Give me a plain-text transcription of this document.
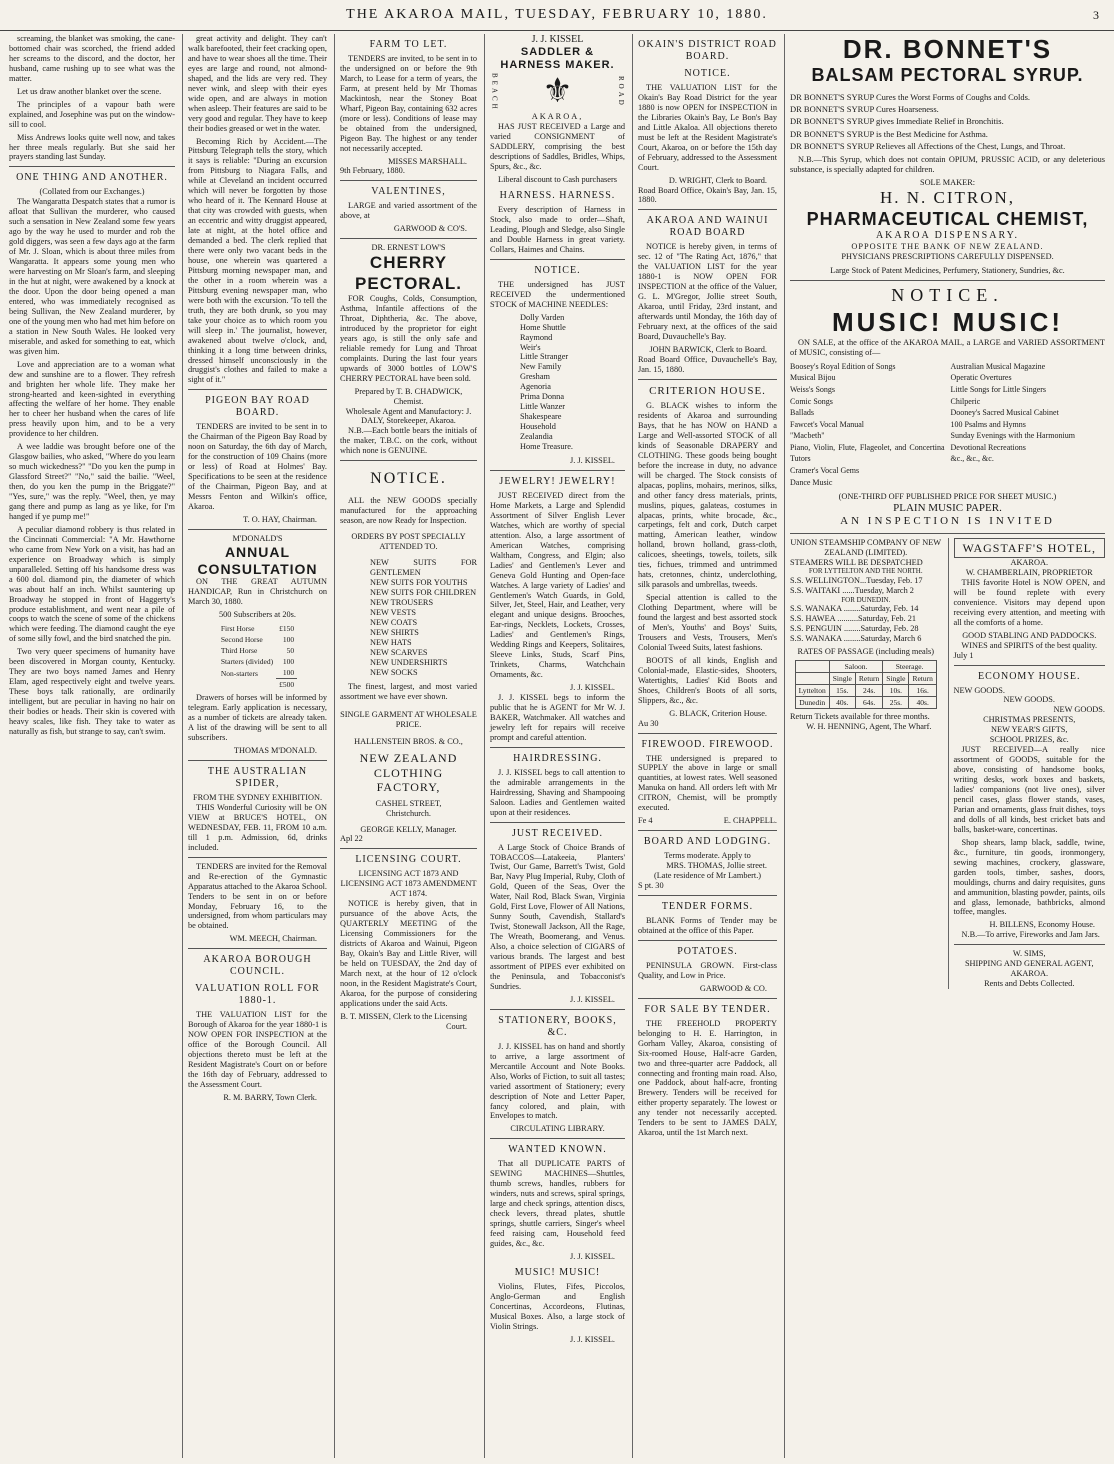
THE AKAROA MAIL, TUESDAY, FEBRUARY 10, 1880.	3

screaming, the blanket was smoking, the cane-bottomed chair was scorched, the friend added her screams to the discord, and the doctor, her husband, came rushing up to see what was the matter.

Let us draw another blanket over the scene.

The principles of a vapour bath were explained, and Josephine was put on the window-sill to cool.

Miss Andrews looks quite well now, and takes her three meals regularly. But she said her prayers standing last Sunday.

ONE THING AND ANOTHER.
(Collated from our Exchanges.)

The Wangaratta Despatch states that a rumor is afloat that Sullivan the murderer, who caused such a sensation in New Zealand some few years ago by the way he used to murder and rob the gold diggers, was seen a few days ago at the farm of Mr. J. Sloan, which is about three miles from Wangaratta. It appears some young men who were harvesting on Mr Sloan's farm, and sleeping in the hut at night, were awakened by a knock at the door. Upon the door being opened a man entered, who was immediately recognised as being Sullivan, the New Zealand murderer, by one of the young men who had met him before on a station in New South Wales. He looked very miserable, and asked for something to eat, which was given him.

Love and appreciation are to a woman what dew and sunshine are to a flower. They refresh and brighten her whole life. They make her strong-hearted and keen-sighted in everything affecting the welfare of her home. They enable her to cheer her husband when the cares of life press heavily upon him, and to be a very providence to her children.

A wee laddie was brought before one of the Glasgow bailies, who asked, "Where do you learn so much wickedness?" "Do you ken the pump in Glassford Street?" "No," said the bailie. "Weel, then, do you ken the pump in the Briggate?" "Yes, sure," was the reply. "Weel, then, ye may gang there and pump as lang as ye like, for I'm hanged if ye pump me!"

A peculiar diamond robbery is thus related in the Cincinnati Commercial: "A Mr. Hawthorne who came from New York on a visit, has had an experience on Broadway which is simply unparalleled. Setting off his handsome dress was a 600 dol. diamond pin, the diameter of which was about half an inch. Whilst sauntering up Broadway he stopped in front of Haggerty's produce establishment, and went near a pile of coops to watch the scene of some of the chickens which were feeding. The diamond caught the eye of some silly fowl, and the bird snatched the pin.

Two very queer specimens of humanity have been discovered in Morgan county, Kentucky. They are two boys named James and Henry Elam, aged respectively eight and twelve years. These boys talk rationally, are ordinarily intelligent, but are peculiar in having no hair on their bodies or heads. Their skin is covered with heavy scales, like fish. They take to water as naturally as fish, but strange to say, can't swim.

great activity and delight. They can't walk barefooted, their feet cracking open, and have to wear shoes all the time. Their eyes are large and round, not almond-shaped, and the lids are very red. They never wink, and sleep with their eyes wide open, and are always in motion when asleep. Their features are said to be very good and regular. They have to keep their bodies greased or wet in the water.

Becoming Rich by Accident.—The Pittsburg Telegraph tells the story, which it says is reliable: "During an excursion from Pittsburg to Niagara Falls, and while at Cleveland an incident occurred which will never be forgotten by those who heard of it. The Kennard House at that city was crowded with guests, when an eccentric and witty druggist appeared, late at night, at the hotel office and demanded a bed. The clerk replied that there were only two vacant beds in the house, one wherein was quartered a Pittsburg morning newspaper man, and the other in a room wherein was a Pittsburg evening newspaper man, who were both with the excursion. 'To tell the truth, they are both drunk, so you may take your choice as to which room you will sleep in.' The journalist, however, awakened about twelve o'clock, and, thinking it a long time between drinks, dressed himself unconsciously in the druggist's clothes and failed to make a sight of it."

PIGEON BAY ROAD BOARD.

TENDERS are invited to be sent in to the Chairman of the Pigeon Bay Road by noon on Saturday, the 6th day of March, for the construction of 109 Chains (more or less) of Road at Holmes' Bay. Specifications to be seen at the residence of the Chairman, Pigeon Bay, and at Messrs Fenton and Wilkin's office, Akaroa.

T. O. HAY, Chairman.
M'DONALD'S
ANNUAL CONSULTATION

ON THE GREAT AUTUMN HANDICAP, Run in Christchurch on March 30, 1880.

500 Subscribers at 20s.
First Horse	£150
Second Horse	100
Third Horse	50
Starters (divided)	100
Non-starters	100
	£500

Drawers of horses will be informed by telegram. Early application is necessary, as a number of tickets are already taken. A list of the drawing will be sent to all subscribers.

THOMAS M'DONALD.
THE AUSTRALIAN SPIDER,
FROM THE SYDNEY EXHIBITION.

THIS Wonderful Curiosity will be ON VIEW at BRUCE'S HOTEL, ON WEDNESDAY, FEB. 11, FROM 10 a.m. till 1 p.m. Admission, 6d, drinks included.

TENDERS are invited for the Removal and Re-erection of the Gymnastic Apparatus attached to the Akaroa School. Tenders to be sent in on or before Monday, February 16, to the undersigned, from whom particulars may be obtained.

WM. MEECH, Chairman.
AKAROA BOROUGH COUNCIL.
VALUATION ROLL FOR 1880-1.

THE VALUATION LIST for the Borough of Akaroa for the year 1880-1 is NOW OPEN FOR INSPECTION at the office of the Borough Council. All objections thereto must be left at the Resident Magistrate's Court on or before the 16th day of February, addressed to the Assessment Court.

R. M. BARRY, Town Clerk.
FARM TO LET.

TENDERS are invited, to be sent in to the undersigned on or before the 9th March, to Lease for a term of years, the Farm, at present held by Mr Thomas Mackintosh, near the Stoney Boat Wharf, Pigeon Bay, containing 632 acres (more or less). Conditions of lease may be obtained from the undersigned, Pigeon Bay. The highest or any tender not necessarily accepted.

MISSES MARSHALL.
9th February, 1880.
VALENTINES,

LARGE and varied assortment of the above, at

GARWOOD & CO'S.
DR. ERNEST LOW'S
CHERRY PECTORAL.

FOR Coughs, Colds, Consumption, Asthma, Infantile affections of the Throat, Diphtheria, &c. The above, introduced by the proprietor for eight years ago, is still the only safe and reliable remedy for Lung and Throat complaints. During the last four years upwards of 3000 bottles of LOW'S CHERRY PECTORAL have been sold.

Prepared by T. B. CHADWICK, Chemist.
Wholesale Agent and Manufactory: J. DALY, Storekeeper, Akaroa.

N.B.—Each bottle bears the initials of the maker, T.B.C. on the cork, without which none is GENUINE.

NOTICE.

ALL the NEW GOODS specially manufactured for the approaching season, are now Ready for Inspection.

ORDERS BY POST SPECIALLY ATTENDED TO.
NEW SUITS FOR GENTLEMEN
NEW SUITS FOR YOUTHS
NEW SUITS FOR CHILDREN
NEW TROUSERS
NEW VESTS
NEW COATS
NEW SHIRTS
NEW HATS
NEW SCARVES
NEW UNDERSHIRTS
NEW SOCKS

The finest, largest, and most varied assortment we have ever shown.

SINGLE GARMENT AT WHOLESALE PRICE.
HALLENSTEIN BROS. & CO.,
NEW ZEALAND
CLOTHING FACTORY,
CASHEL STREET,
Christchurch.
GEORGE KELLY, Manager.
Apl 22
LICENSING COURT.
LICENSING ACT 1873 AND LICENSING ACT 1873 AMENDMENT ACT 1874.

NOTICE is hereby given, that in pursuance of the above Acts, the QUARTERLY MEETING of the Licensing Commissioners for the districts of Akaroa and Wainui, Pigeon Bay, Okain's Bay and Little River, will be held on TUESDAY, the 2nd day of March next, at the hour of 12 o'clock noon, in the Resident Magistrate's Court, Akaroa, for the purpose of considering applications under the said Acts.

B. T. MISSEN, Clerk to the Licensing Court.
J. J. KISSEL
SADDLER & HARNESS MAKER.
BEACH ⚜	ROAD
AKAROA,

HAS JUST RECEIVED a Large and varied CONSIGNMENT of SADDLERY, comprising the best descriptions of Saddles, Bridles, Whips, Spurs, &c., &c.

Liberal discount to Cash purchasers
HARNESS. HARNESS.

Every description of Harness in Stock, also made to order—Shaft, Leading, Plough and Sledge, also Single and Double Harness in great variety. Collars, Haimes and Chains.

NOTICE.

THE undersigned has JUST RECEIVED the undermentioned STOCK of MACHINE NEEDLES:

Dolly Varden
Home Shuttle
Raymond
Weir's
Little Stranger
New Family
Gresham
Agenoria
Prima Donna
Little Wanzer
Shakespeare
Household
Zealandia
Home Treasure.
J. J. KISSEL.
JEWELRY! JEWELRY!

JUST RECEIVED direct from the Home Markets, a Large and Splendid Assortment of Silver English Lever Watches, which are worthy of special attention. Also, a large assortment of American Watches, comprising Waltham, Congress, and Elgin; also Ladies' and Gentlemen's Lever and Geneva Gold Hunting and Open-face Watches. A large variety of Ladies' and Gentlemen's Watch Guards, in Gold, Silver, Jet, Steel, Hair, and Leather, very elegant and unique designs. Brooches, Ear-rings, Necklets, Lockets, Crosses, Ladies' and Gentlemen's Rings, Wedding Rings and Keepers, Solitaires, Sleeve Links, Studs, Scarf Pins, Trinkets, Charms, Watchchain Ornaments, &c.

J. J. KISSEL.

J. J. KISSEL begs to inform the public that he is AGENT for Mr W. J. BAKER, Watchmaker. All watches and jewelry left for repairs will receive prompt and careful attention.

HAIRDRESSING.

J. J. KISSEL begs to call attention to the admirable arrangements in the Hairdressing, Shaving and Shampooing Saloon. Ladies and Gentlemen waited upon at their residences.

JUST RECEIVED.

A Large Stock of Choice Brands of TOBACCOS—Latakeeia, Planters' Twist, Our Game, Barrett's Twist, Gold Bar, Navy Plug Imperial, Ruby, Cloth of Gold, Queen of the Seas, Over the Water, Nail Rod, Black Swan, Virginia Gold, First Love, Flower of All Nations, Sunny South, Cavendish, Stallard's Twist, Stonewall Jackson, All the Rage, The Wreath, Boomerang, and Venus. Also, a choice selection of CIGARS of various brands. The largest and best assortment of PIPES ever exhibited on the Peninsula, and Tobacconist's Sundries.

J. J. KISSEL.
STATIONERY, BOOKS, &C.

J. J. KISSEL has on hand and shortly to arrive, a large assortment of Mercantile Account and Note Books. Also, Works of Fiction, to suit all tastes; varied assortment of Stationery; every description of Note and Letter Paper, fancy colored, and plain, with Envelopes to match.

CIRCULATING LIBRARY.
WANTED KNOWN.

That all DUPLICATE PARTS of SEWING MACHINES—Shuttles, thumb screws, handles, rubbers for winders, nuts and screws, spiral springs, large and check springs, attention discs, check levers, thread plates, shuttle springs, shuttle carriers, Singer's wheel feed raising cam, Household feed guides, &c., &c.

J. J. KISSEL.
MUSIC! MUSIC!

Violins, Flutes, Fifes, Piccolos, Anglo-German and English Concertinas, Accordeons, Flutinas, Musical Boxes. Also, a large stock of Violin Strings.

J. J. KISSEL.
OKAIN'S DISTRICT ROAD BOARD.
NOTICE.

THE VALUATION LIST for the Okain's Bay Road District for the year 1880 is now OPEN for INSPECTION in the Libraries Okain's Bay, Le Bon's Bay and Little Akaloa. All objections thereto must be left at the Resident Magistrate's Court, Akaroa, on or before the 15th day of February, addressed to the Assessment Court.

D. WRIGHT, Clerk to Board.
Road Board Office, Okain's Bay, Jan. 15, 1880.
AKAROA AND WAINUI ROAD BOARD

NOTICE is hereby given, in terms of sec. 12 of "The Rating Act, 1876," that the VALUATION LIST for the year 1880-1 is NOW OPEN FOR INSPECTION at the office of the Valuer, G. L. M'Gregor, Jollie street South, Akaroa, until Friday, 23rd instant, and afterwards until Monday, the 16th day of February next, at the offices of the said Board, Duvauchelle's Bay.

JOHN BARWICK, Clerk to Board.
Road Board Office, Duvauchelle's Bay, Jan. 15, 1880.
CRITERION HOUSE.

G. BLACK wishes to inform the residents of Akaroa and surrounding Bays, that he has NOW on HAND a Large and Well-assorted STOCK of all kinds of Seasonable DRAPERY and CLOTHING. These goods being bought before the increase in duty, no advance will be charged. The Stock consists of alpacas, poplins, mohairs, merinos, silks, and other fancy dress materials, prints, muslins, piques, galateas, costumes in alpacas, prints, white brocade, &c., carpetings, felt and cork, Dutch carpet matting, American leather, window holland, brown holland, grass-cloth, calicoes, sheetings, towels, toilets, silk ties, fichues, trimmed and untrimmed hats, cretonnes, chintz, underclothing, silk parasols and umbrellas, tweeds.

Special attention is called to the Clothing Department, where will be found the largest and best assorted stock of Men's, Youths' and Boys' Suits, Trousers and Vests, Trousers, Men's Colonial Tweed Suits, latest fashions.

BOOTS of all kinds, English and Colonial-made, Elastic-sides, Shooters, Watertights, Ladies' Kid Boots and Shoes, Children's Boots of all sorts, Slippers, &c., &c.

G. BLACK, Criterion House.
Au 30
FIREWOOD. FIREWOOD.

THE undersigned is prepared to SUPPLY the above in large or small quantities, at lowest rates. Well seasoned Manuka on hand. All orders left with Mr CITRON, Chemist, will be promptly executed.

Fe 4	E. CHAPPELL.
BOARD AND LODGING.
Terms moderate. Apply to
MRS. THOMAS, Jollie street.
(Late residence of Mr Lambert.)
S pt. 30
TENDER FORMS.

BLANK Forms of Tender may be obtained at the office of this Paper.

POTATOES.

PENINSULA GROWN. First-class Quality, and Low in Price.

GARWOOD & CO.
FOR SALE BY TENDER.

THE FREEHOLD PROPERTY belonging to H. E. Harrington, in Gorham Valley, Akaroa, consisting of Six-roomed House, Half-acre Garden, two and three-quarter acre Paddock, all connecting and fronting main road. Also, one Paddock, about half-acre, fronting Brewery. Tenders will be received for either property separately. The lowest or any tender not necessarily accepted. Tenders to be sent to JAMES DALY, Akaroa, until the 1st March next.

DR. BONNET'S
BALSAM PECTORAL SYRUP.
DR BONNET'S SYRUP Cures the Worst Forms of Coughs and Colds.
DR BONNET'S SYRUP Cures Hoarseness.
DR BONNET'S SYRUP gives Immediate Relief in Bronchitis.
DR BONNET'S SYRUP is the Best Medicine for Asthma.
DR BONNET'S SYRUP Relieves all Affections of the Chest, Lungs, and Throat.

N.B.—This Syrup, which does not contain OPIUM, PRUSSIC ACID, or any deleterious substance, is specially adapted for children.

SOLE MAKER:
H. N. CITRON,
PHARMACEUTICAL CHEMIST,
AKAROA DISPENSARY.
OPPOSITE THE BANK OF NEW ZEALAND.
PHYSICIANS PRESCRIPTIONS CAREFULLY DISPENSED.
Large Stock of Patent Medicines, Perfumery, Stationery, Sundries, &c.
NOTICE.
MUSIC! MUSIC!

ON SALE, at the office of the AKAROA MAIL, a LARGE and VARIED ASSORTMENT of MUSIC, consisting of—

Boosey's Royal Edition of Songs
Musical Bijou
Weiss's Songs
Comic Songs
Ballads
Fawcet's Vocal Manual
"Macbeth"
Piano, Violin, Flute, Flageolet, and Concertina Tutors
Cramer's Vocal Gems
Dance Music
Australian Musical Magazine
Operatic Overtures
Little Songs for Little Singers
Chilperic
Dooney's Sacred Musical Cabinet
100 Psalms and Hymns
Sunday Evenings with the Harmonium
Devotional Recreations
&c., &c., &c.
(ONE-THIRD OFF PUBLISHED PRICE FOR SHEET MUSIC.)
PLAIN MUSIC PAPER.
AN INSPECTION IS INVITED
UNION STEAMSHIP COMPANY OF NEW ZEALAND (LIMITED).
STEAMERS WILL BE DESPATCHED
FOR LYTTELTON AND THE NORTH.
S.S. WELLINGTON...Tuesday, Feb. 17
S.S. WAITAKI ......Tuesday, March 2
FOR DUNEDIN.
S.S. WANAKA ........Saturday, Feb. 14
S.S. HAWEA ..........Saturday, Feb. 21
S.S. PENGUIN ........Saturday, Feb. 28
S.S. WANAKA ........Saturday, March 6
RATES OF PASSAGE (including meals)
	Saloon.		Steerage.	
	Single	Return	Single	Return
Lyttelton	15s.	24s.	10s.	16s.
Dunedin	40s.	64s.	25s.	40s.
Return Tickets available for three months.
W. H. HENNING, Agent, The Wharf.
WAGSTAFF'S HOTEL,
AKAROA.
W. CHAMBERLAIN, PROPRIETOR

THIS favorite Hotel is NOW OPEN, and will be found replete with every convenience. Visitors may depend upon receiving every attention, and meeting with all the comforts of a home.

GOOD STABLING AND PADDOCKS.
WINES and SPIRITS of the best quality.
July 1
ECONOMY HOUSE.
NEW GOODS.
NEW GOODS.
NEW GOODS.
CHRISTMAS PRESENTS,
NEW YEAR'S GIFTS,
SCHOOL PRIZES, &c.

JUST RECEIVED—A really nice assortment of GOODS, suitable for the above, consisting of handsome books, writing desks, work boxes and baskets, ladies' companions (not live ones), silver pencil cases, glass flower stands, vases, Parian and ornaments, glass fruit dishes, toys and dolls of all kinds, best cricket bats and balls, basket-ware, concertinas.

Shop shears, lamp black, saddle, twine, &c., furniture, tin goods, ironmongery, sewing machines, crockery, glassware, garden tools, timber, sashes, doors, mouldings, churns and dairy requisites, guns and ammunition, blasting powder, paints, oils and glass, lemonade, bathbricks, almond toffee, mangles.

H. BILLENS, Economy House.

N.B.—To arrive, Fireworks and Jam Jars.

W. SIMS,
SHIPPING AND GENERAL AGENT, AKAROA.
Rents and Debts Collected.
